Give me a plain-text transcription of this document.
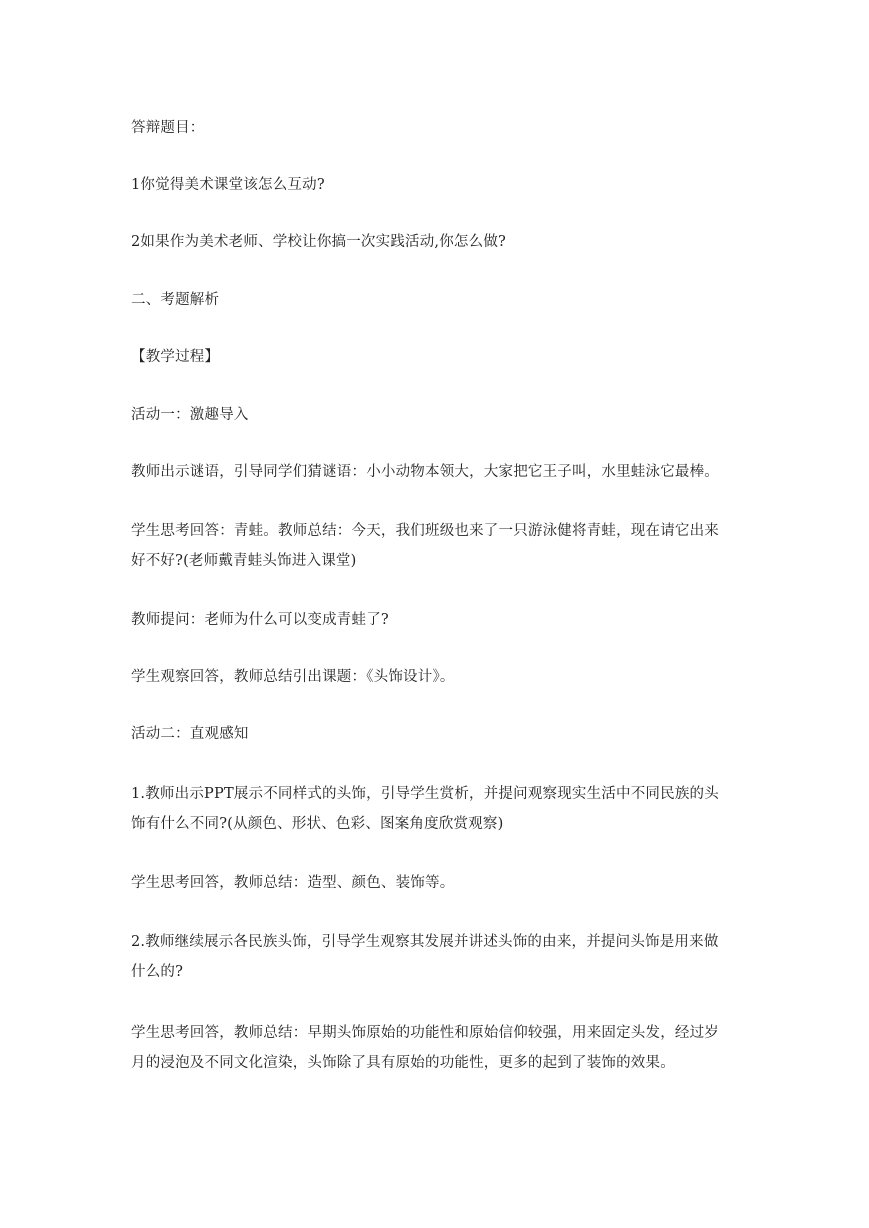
答辩题目：

1你觉得美术课堂该怎么互动?

2如果作为美术老师、学校让你搞一次实践活动,你怎么做?

二、考题解析

【教学过程】

活动一：激趣导入

教师出示谜语，引导同学们猜谜语：小小动物本领大，大家把它王子叫，水里蛙泳它最棒。

学生思考回答：青蛙。教师总结：今天，我们班级也来了一只游泳健将青蛙，现在请它出来
好不好?(老师戴青蛙头饰进入课堂)

教师提问：老师为什么可以变成青蛙了?

学生观察回答，教师总结引出课题：《头饰设计》。

活动二：直观感知

1.教师出示PPT展示不同样式的头饰，引导学生赏析，并提问观察现实生活中不同民族的头
饰有什么不同?(从颜色、形状、色彩、图案角度欣赏观察)

学生思考回答，教师总结：造型、颜色、装饰等。

2.教师继续展示各民族头饰，引导学生观察其发展并讲述头饰的由来，并提问头饰是用来做
什么的?

学生思考回答，教师总结：早期头饰原始的功能性和原始信仰较强，用来固定头发，经过岁
月的浸泡及不同文化渲染，头饰除了具有原始的功能性，更多的起到了装饰的效果。
